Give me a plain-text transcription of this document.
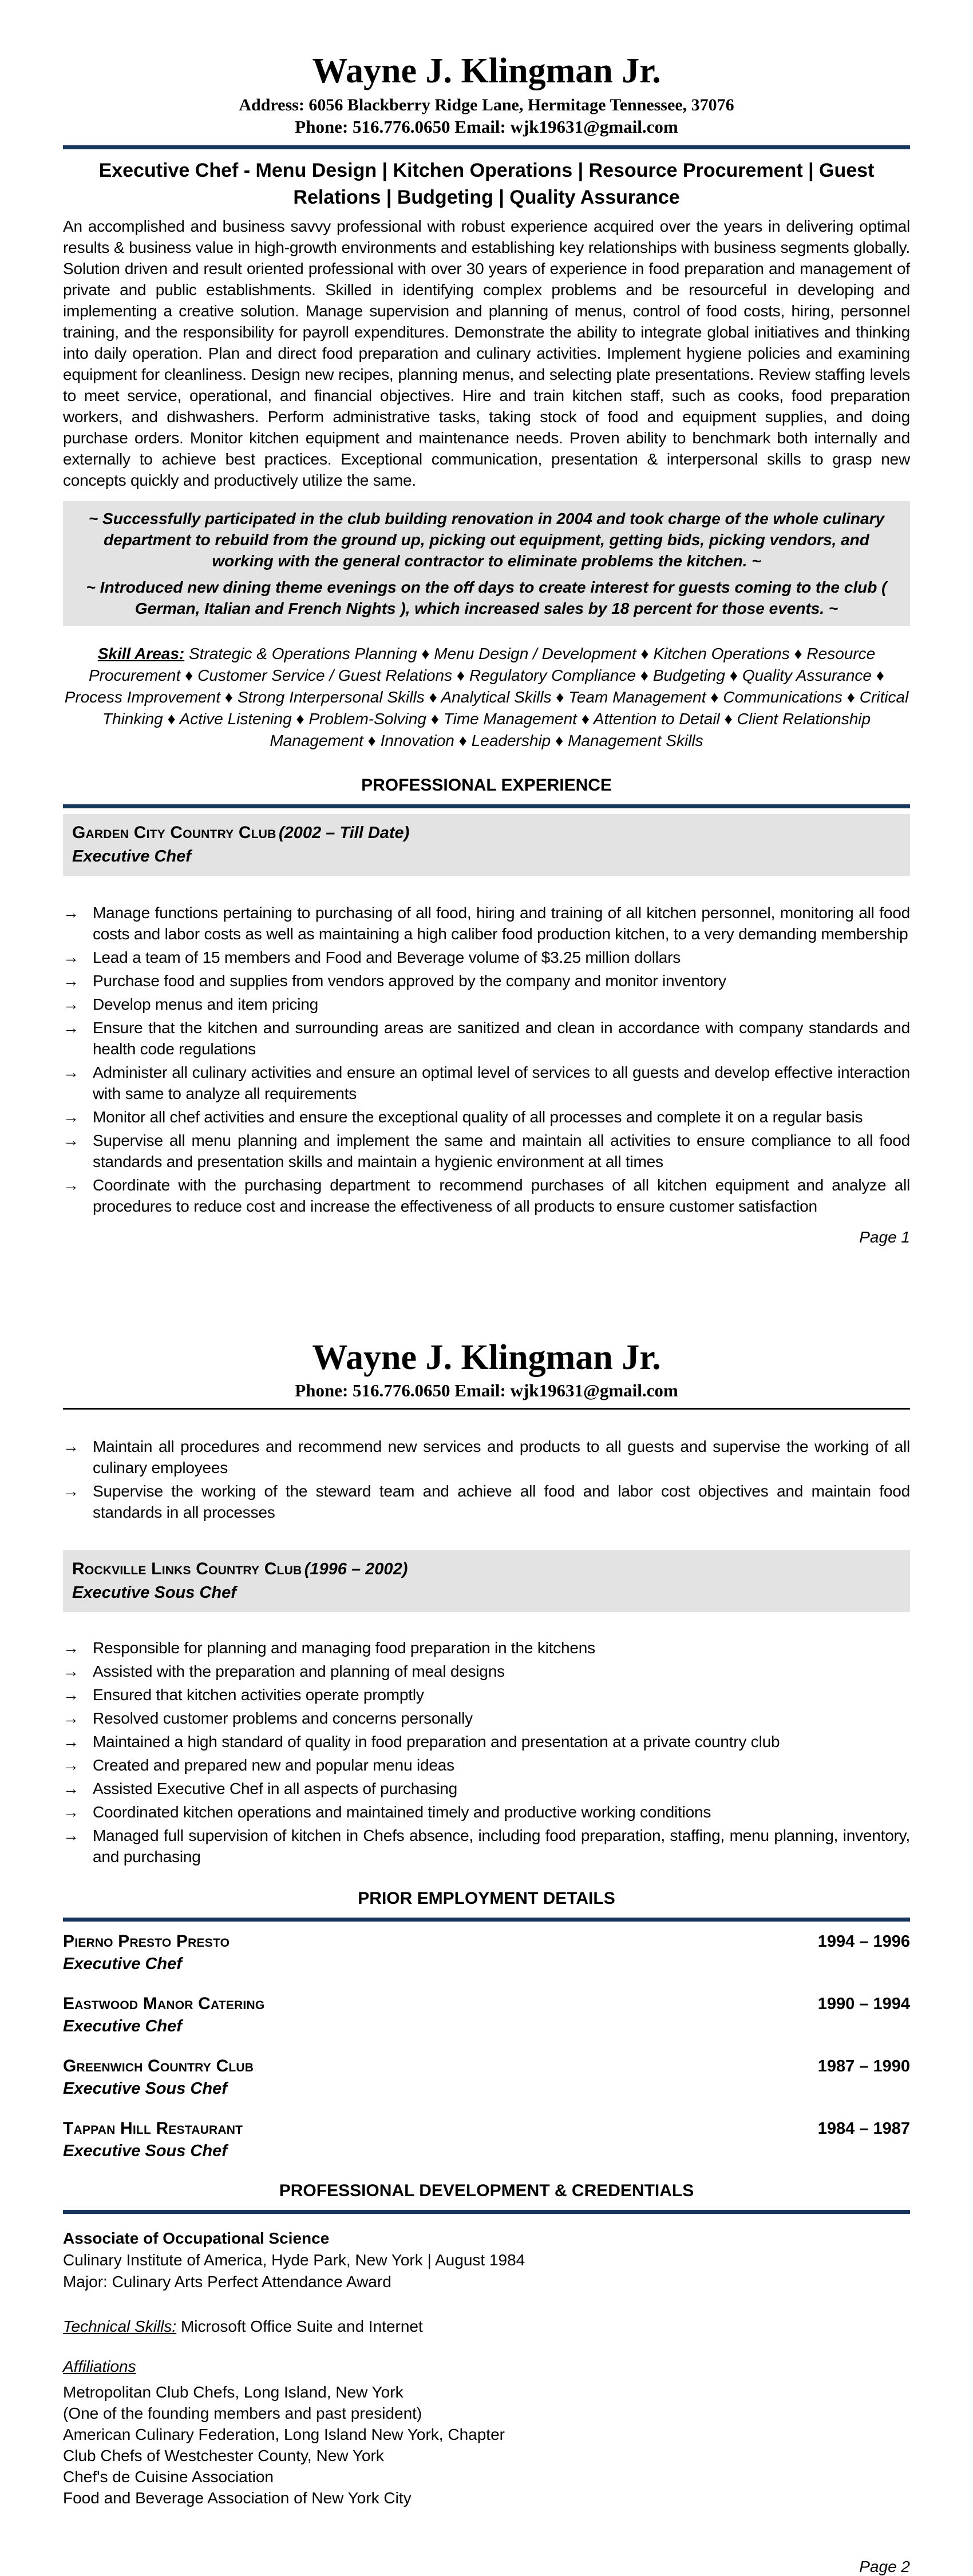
Wayne J. Klingman Jr.
Address: 6056 Blackberry Ridge Lane, Hermitage Tennessee, 37076
Phone: 516.776.0650 Email: wjk19631@gmail.com
Executive Chef - Menu Design | Kitchen Operations | Resource Procurement | Guest Relations | Budgeting | Quality Assurance

An accomplished and business savvy professional with robust experience acquired over the years in delivering optimal results & business value in high-growth environments and establishing key relationships with business segments globally. Solution driven and result oriented professional with over 30 years of experience in food preparation and management of private and public establishments. Skilled in identifying complex problems and be resourceful in developing and implementing a creative solution. Manage supervision and planning of menus, control of food costs, hiring, personnel training, and the responsibility for payroll expenditures. Demonstrate the ability to integrate global initiatives and thinking into daily operation. Plan and direct food preparation and culinary activities. Implement hygiene policies and examining equipment for cleanliness. Design new recipes, planning menus, and selecting plate presentations. Review staffing levels to meet service, operational, and financial objectives. Hire and train kitchen staff, such as cooks, food preparation workers, and dishwashers. Perform administrative tasks, taking stock of food and equipment supplies, and doing purchase orders. Monitor kitchen equipment and maintenance needs. Proven ability to benchmark both internally and externally to achieve best practices. Exceptional communication, presentation & interpersonal skills to grasp new concepts quickly and productively utilize the same.

~ Successfully participated in the club building renovation in 2004 and took charge of the whole culinary department to rebuild from the ground up, picking out equipment, getting bids, picking vendors, and working with the general contractor to eliminate problems the kitchen. ~

~ Introduced new dining theme evenings on the off days to create interest for guests coming to the club ( German, Italian and French Nights ), which increased sales by 18 percent for those events. ~

Skill Areas: Strategic & Operations Planning ♦ Menu Design / Development ♦ Kitchen Operations ♦ Resource Procurement ♦ Customer Service / Guest Relations ♦ Regulatory Compliance ♦ Budgeting ♦ Quality Assurance ♦ Process Improvement ♦ Strong Interpersonal Skills ♦ Analytical Skills ♦ Team Management ♦ Communications ♦ Critical Thinking ♦ Active Listening ♦ Problem-Solving ♦ Time Management ♦ Attention to Detail ♦ Client Relationship Management ♦ Innovation ♦ Leadership ♦ Management Skills

PROFESSIONAL EXPERIENCE
Garden City Country Club (2002 – Till Date)
Executive Chef
→ Manage functions pertaining to purchasing of all food, hiring and training of all kitchen personnel, monitoring all food costs and labor costs as well as maintaining a high caliber food production kitchen, to a very demanding membership
→ Lead a team of 15 members and Food and Beverage volume of $3.25 million dollars
→ Purchase food and supplies from vendors approved by the company and monitor inventory
→ Develop menus and item pricing
→ Ensure that the kitchen and surrounding areas are sanitized and clean in accordance with company standards and health code regulations
→ Administer all culinary activities and ensure an optimal level of services to all guests and develop effective interaction with same to analyze all requirements
→ Monitor all chef activities and ensure the exceptional quality of all processes and complete it on a regular basis
→ Supervise all menu planning and implement the same and maintain all activities to ensure compliance to all food standards and presentation skills and maintain a hygienic environment at all times
→ Coordinate with the purchasing department to recommend purchases of all kitchen equipment and analyze all procedures to reduce cost and increase the effectiveness of all products to ensure customer satisfaction
Page 1
Wayne J. Klingman Jr.
Phone: 516.776.0650 Email: wjk19631@gmail.com
→ Maintain all procedures and recommend new services and products to all guests and supervise the working of all culinary employees
→ Supervise the working of the steward team and achieve all food and labor cost objectives and maintain food standards in all processes
Rockville Links Country Club (1996 – 2002)
Executive Sous Chef
→ Responsible for planning and managing food preparation in the kitchens
→ Assisted with the preparation and planning of meal designs
→ Ensured that kitchen activities operate promptly
→ Resolved customer problems and concerns personally
→ Maintained a high standard of quality in food preparation and presentation at a private country club
→ Created and prepared new and popular menu ideas
→ Assisted Executive Chef in all aspects of purchasing
→ Coordinated kitchen operations and maintained timely and productive working conditions
→ Managed full supervision of kitchen in Chefs absence, including food preparation, staffing, menu planning, inventory, and purchasing
PRIOR EMPLOYMENT DETAILS
Pierno Presto Presto	1994 – 1996
Executive Chef
Eastwood Manor Catering	1990 – 1994
Executive Chef
Greenwich Country Club	1987 – 1990
Executive Sous Chef
Tappan Hill Restaurant	1984 – 1987
Executive Sous Chef
PROFESSIONAL DEVELOPMENT & CREDENTIALS
Associate of Occupational Science
Culinary Institute of America, Hyde Park, New York | August 1984
Major: Culinary Arts Perfect Attendance Award
Technical Skills: Microsoft Office Suite and Internet
Affiliations
Metropolitan Club Chefs, Long Island, New York
(One of the founding members and past president)
American Culinary Federation, Long Island New York, Chapter
Club Chefs of Westchester County, New York
Chef's de Cuisine Association
Food and Beverage Association of New York City
Page 2
